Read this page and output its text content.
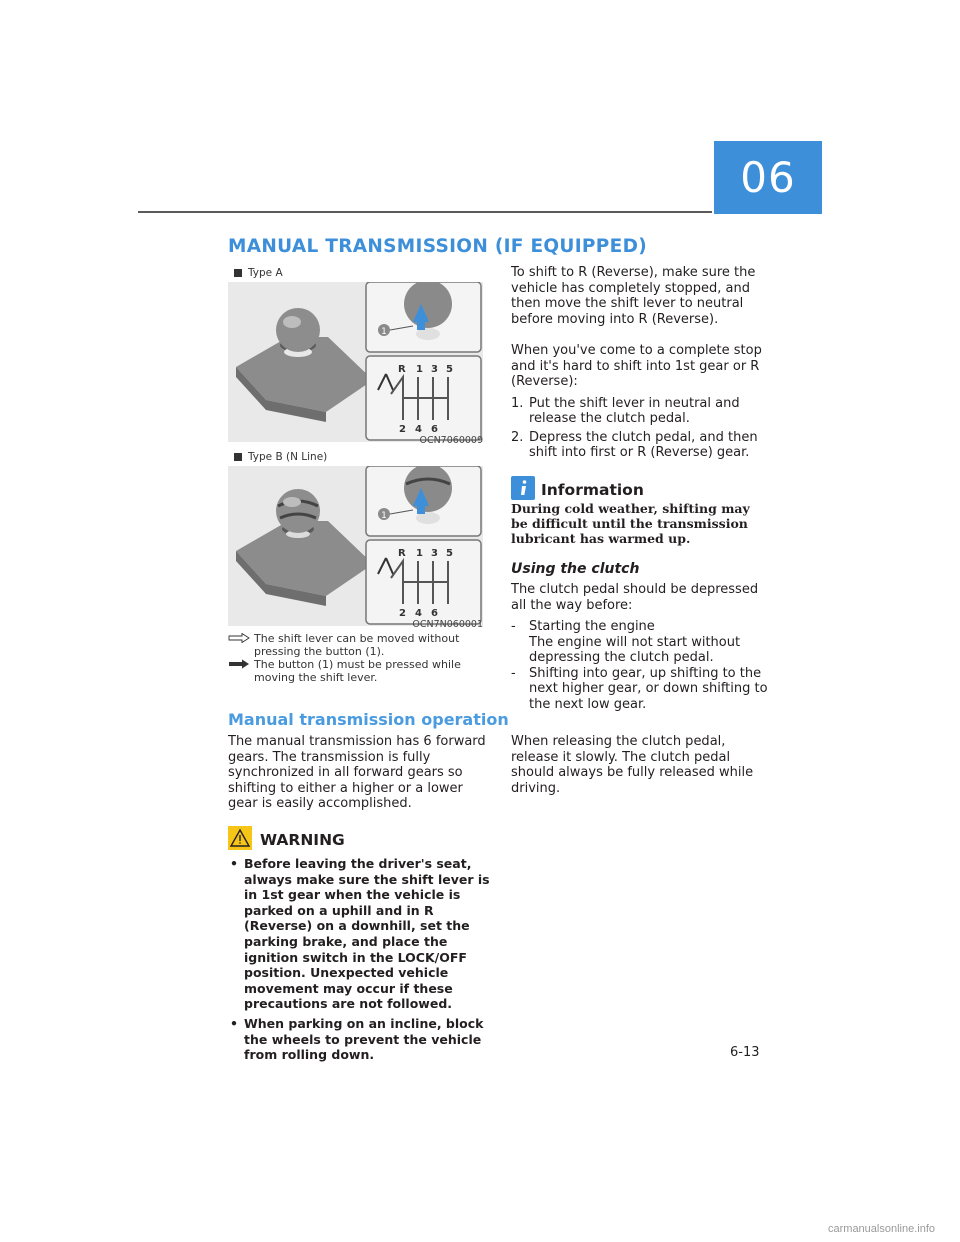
06
MANUAL TRANSMISSION (IF EQUIPPED)
Type A
1
R 1 3 5
2 4 6
OCN7060009
Type B (N Line)
1
R 1 3 5
2 4 6
OCN7N060001
The shift lever can be moved without pressing the button (1).
The button (1) must be pressed while moving the shift lever.
Manual transmission operation
The manual transmission has 6 forward gears. The transmission is fully synchronized in all forward gears so shifting to either a higher or a lower gear is easily accomplished.
WARNING
• Before leaving the driver's seat, always make sure the shift lever is in 1st gear when the vehicle is parked on a uphill and in R (Reverse) on a downhill, set the parking brake, and place the ignition switch in the LOCK/OFF position. Unexpected vehicle movement may occur if these precautions are not followed.
• When parking on an incline, block the wheels to prevent the vehicle from rolling down.
To shift to R (Reverse), make sure the vehicle has completely stopped, and then move the shift lever to neutral before moving into R (Reverse).
When you've come to a complete stop and it's hard to shift into 1st gear or R (Reverse):
1. Put the shift lever in neutral and release the clutch pedal.
2. Depress the clutch pedal, and then shift into first or R (Reverse) gear.
Information
During cold weather, shifting may be difficult until the transmission lubricant has warmed up.
Using the clutch
The clutch pedal should be depressed all the way before:
-	Starting the engine
The engine will not start without depressing the clutch pedal.
-	Shifting into gear, up shifting to the next higher gear, or down shifting to the next low gear.
When releasing the clutch pedal, release it slowly. The clutch pedal should always be fully released while driving.
6-13
carmanualsonline.info
